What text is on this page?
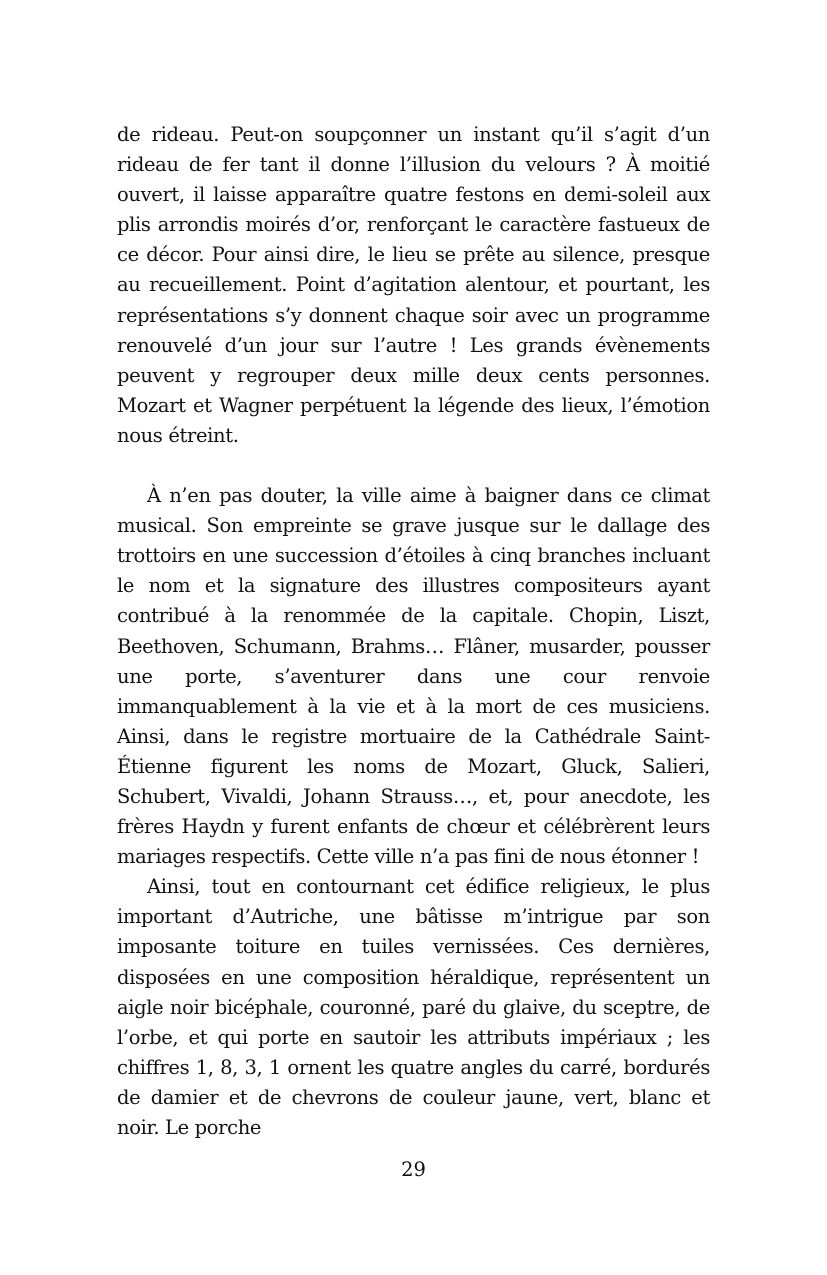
de rideau. Peut-on soupçonner un instant qu’il s’agit d’un rideau de fer tant il donne l’illusion du velours ? À moitié ouvert, il laisse apparaître quatre festons en demi-soleil aux plis arrondis moirés d’or, renforçant le caractère fastueux de ce décor. Pour ainsi dire, le lieu se prête au silence, presque au recueillement. Point d’agitation alentour, et pourtant, les représentations s’y donnent chaque soir avec un programme renouvelé d’un jour sur l’autre ! Les grands évènements peuvent y regrouper deux mille deux cents personnes. Mozart et Wagner perpétuent la légende des lieux, l’émotion nous étreint.

À n’en pas douter, la ville aime à baigner dans ce climat musical. Son empreinte se grave jusque sur le dallage des trottoirs en une succession d’étoiles à cinq branches incluant le nom et la signature des illustres compositeurs ayant contribué à la renommée de la capitale. Chopin, Liszt, Beethoven, Schumann, Brahms… Flâner, musarder, pousser une porte, s’aventurer dans une cour renvoie immanquablement à la vie et à la mort de ces musiciens. Ainsi, dans le registre mortuaire de la Cathédrale Saint-Étienne figurent les noms de Mozart, Gluck, Salieri, Schubert, Vivaldi, Johann Strauss…, et, pour anecdote, les frères Haydn y furent enfants de chœur et célébrèrent leurs mariages respectifs. Cette ville n’a pas fini de nous étonner !

Ainsi, tout en contournant cet édifice religieux, le plus important d’Autriche, une bâtisse m’intrigue par son imposante toiture en tuiles vernissées. Ces dernières, disposées en une composition héraldique, représentent un aigle noir bicéphale, couronné, paré du glaive, du sceptre, de l’orbe, et qui porte en sautoir les attributs impériaux ; les chiffres 1, 8, 3, 1 ornent les quatre angles du carré, bordurés de damier et de chevrons de couleur jaune, vert, blanc et noir. Le porche

29
